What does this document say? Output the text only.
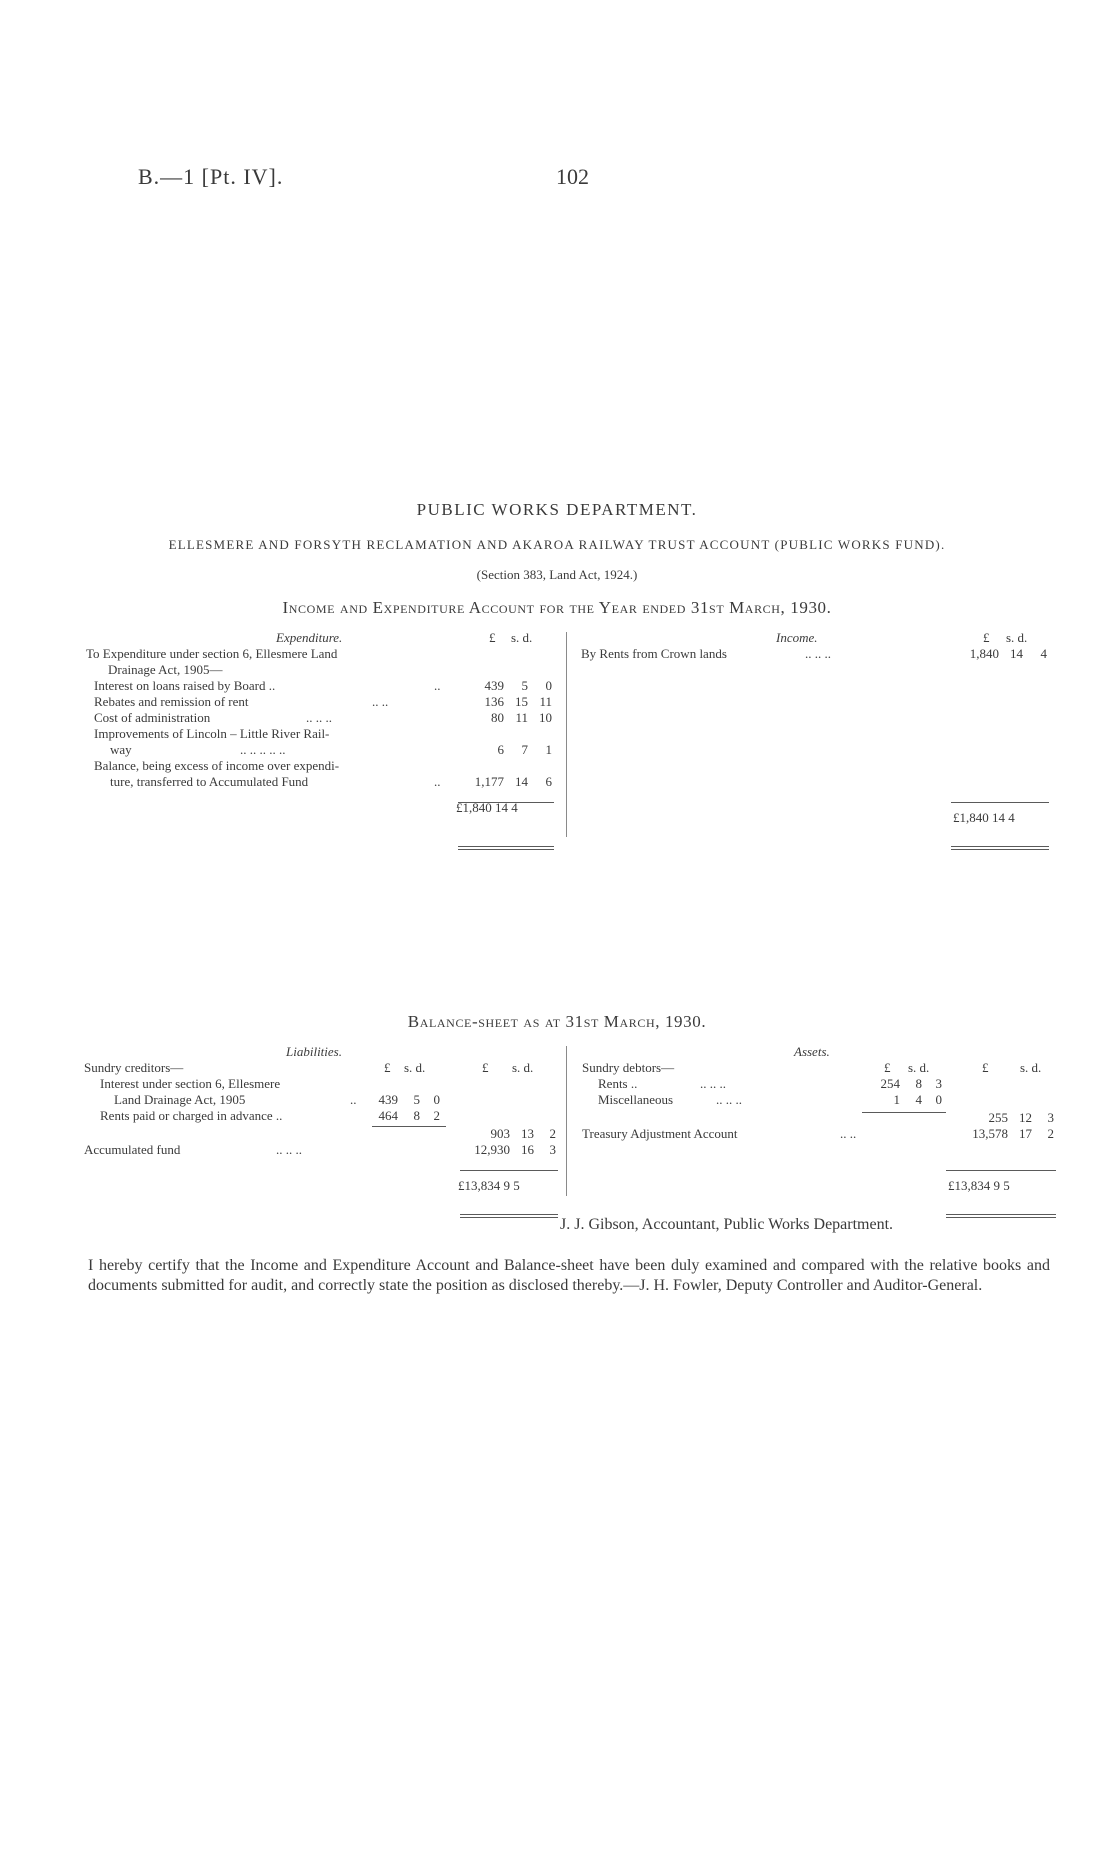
B.—1 [Pt. IV].	102
PUBLIC WORKS DEPARTMENT.
ELLESMERE AND FORSYTH RECLAMATION AND AKAROA RAILWAY TRUST ACCOUNT (PUBLIC WORKS FUND).
(Section 383, Land Act, 1924.)
Income and Expenditure Account for the Year ended 31st March, 1930.
Expenditure.	£ s. d.
To Expenditure under section 6, Ellesmere Land
Drainage Act, 1905—
Interest on loans raised by Board ..	..	439	5	0
Rebates and remission of rent	.. ..	136 15 11
Cost of administration	.. .. ..	80 11 10
Improvements of Lincoln – Little River Rail-
way	.. .. .. .. ..	6	7	1
Balance, being excess of income over expendi-
ture, transferred to Accumulated Fund	..	1,177 14	6
£1,840 14 4
Income.	£ s. d.
By Rents from Crown lands	.. .. ..	1,840 14	4
£1,840 14 4
Balance-sheet as at 31st March, 1930.
Liabilities.
Sundry creditors—	£ s. d.	£ s. d.
Interest under section 6, Ellesmere
Land Drainage Act, 1905	..	439	5	0
Rents paid or charged in advance ..	464	8	2
903 13	2
Accumulated fund	.. .. ..	12,930 16	3
£13,834 9 5
Assets.
Sundry debtors—	£ s. d.	£ s. d.
Rents ..	.. .. ..	254	8	3
Miscellaneous	.. .. ..	1	4	0
255 12	3
Treasury Adjustment Account	.. ..	13,578 17	2
£13,834 9 5
J. J. Gibson, Accountant, Public Works Department.
I hereby certify that the Income and Expenditure Account and Balance-sheet have been duly examined and compared with the relative books and documents submitted for audit, and correctly state the position as disclosed thereby.—J. H. Fowler, Deputy Controller and Auditor-General.
